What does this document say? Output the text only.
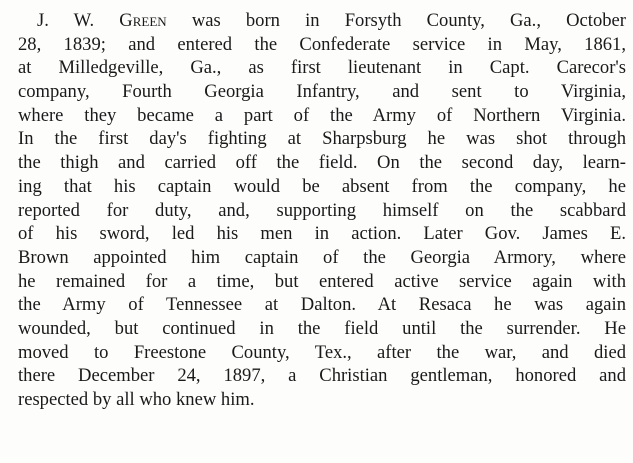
J. W. Green was born in Forsyth County, Ga., October
28, 1839; and entered the Confederate service in May, 1861,
at Milledgeville, Ga., as first lieutenant in Capt. Carecor's
company, Fourth Georgia Infantry, and sent to Virginia,
where they became a part of the Army of Northern Virginia.
In the first day's fighting at Sharpsburg he was shot through
the thigh and carried off the field. On the second day, learn-
ing that his captain would be absent from the company, he
reported for duty, and, supporting himself on the scabbard
of his sword, led his men in action. Later Gov. James E.
Brown appointed him captain of the Georgia Armory, where
he remained for a time, but entered active service again with
the Army of Tennessee at Dalton. At Resaca he was again
wounded, but continued in the field until the surrender. He
moved to Freestone County, Tex., after the war, and died
there December 24, 1897, a Christian gentleman, honored and
respected by all who knew him.
